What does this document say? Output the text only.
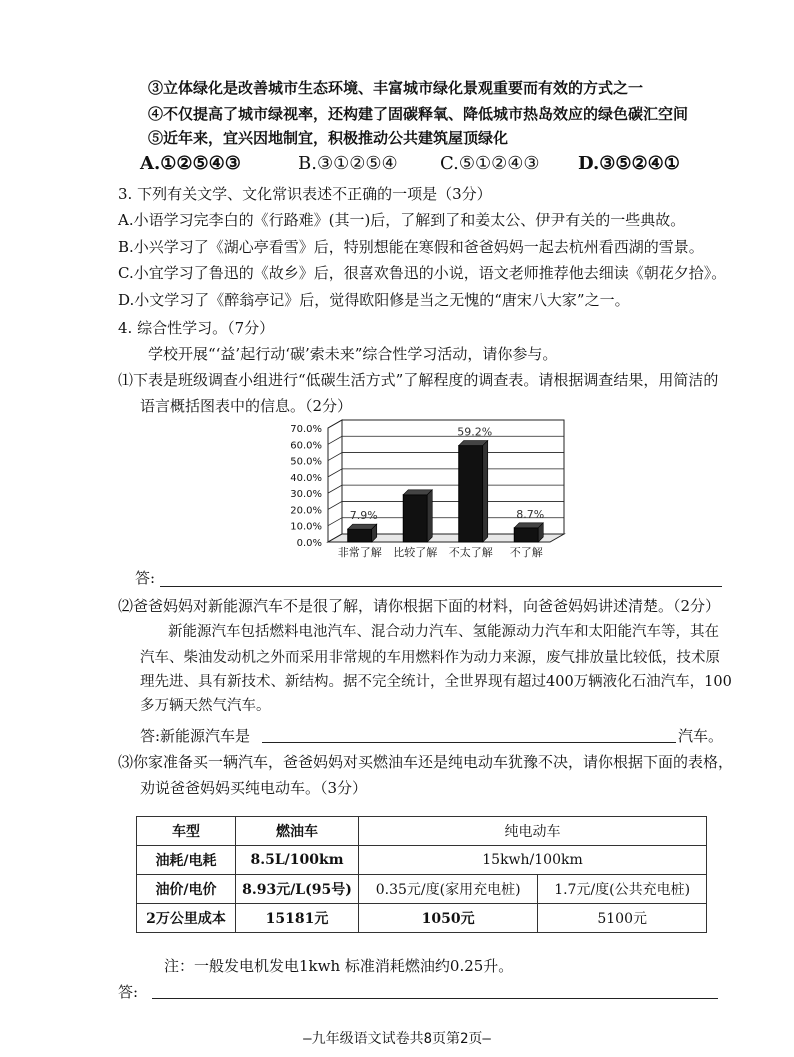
③立体绿化是改善城市生态环境、丰富城市绿化景观重要而有效的方式之一
④不仅提高了城市绿视率，还构建了固碳释氧、降低城市热岛效应的绿色碳汇空间
⑤近年来，宜兴因地制宜，积极推动公共建筑屋顶绿化
A.①②⑤④③	B.③①②⑤④ C.⑤①②④③ D.③⑤②④①
3. 下列有关文学、文化常识表述不正确的一项是（3分）
A.小语学习完李白的《行路难》(其一)后，了解到了和姜太公、伊尹有关的一些典故。
B.小兴学习了《湖心亭看雪》后，特别想能在寒假和爸爸妈妈一起去杭州看西湖的雪景。
C.小宜学习了鲁迅的《故乡》后，很喜欢鲁迅的小说，语文老师推荐他去细读《朝花夕拾》。
D.小文学习了《醉翁亭记》后，觉得欧阳修是当之无愧的“唐宋八大家”之一。
4. 综合性学习。（7分）
学校开展“‘益’起行动‘碳’索未来”综合性学习活动，请你参与。
⑴下表是班级调查小组进行“低碳生活方式”了解程度的调查表。请根据调查结果，用简洁的
语言概括图表中的信息。（2分）
0.0%
10.0%
20.0%
30.0%
40.0%
50.0%
60.0%
70.0%
7.9%
非常了解 比较了解
59.2%
不太了解
8.7%
不了解
答:
⑵爸爸妈妈对新能源汽车不是很了解，请你根据下面的材料，向爸爸妈妈讲述清楚。（2分）
新能源汽车包括燃料电池汽车、混合动力汽车、氢能源动力汽车和太阳能汽车等，其在
汽车、柴油发动机之外而采用非常规的车用燃料作为动力来源，废气排放量比较低，技术原
理先进、具有新技术、新结构。据不完全统计，全世界现有超过400万辆液化石油汽车，100
多万辆天然气汽车。
答:新能源汽车是	汽车。
⑶你家准备买一辆汽车，爸爸妈妈对买燃油车还是纯电动车犹豫不决，请你根据下面的表格，
劝说爸爸妈妈买纯电动车。（3分）
车型	燃油车	纯电动车	
油耗/电耗	8.5L/100km	15kwh/100km	
油价/电价	8.93元/L(95号)	0.35元/度(家用充电桩)	1.7元/度(公共充电桩)
2万公里成本	15181元	1050元	5100元
注：一般发电机发电1kwh 标准消耗燃油约0.25升。
答:
—九年级语文试卷共8页第2页—
